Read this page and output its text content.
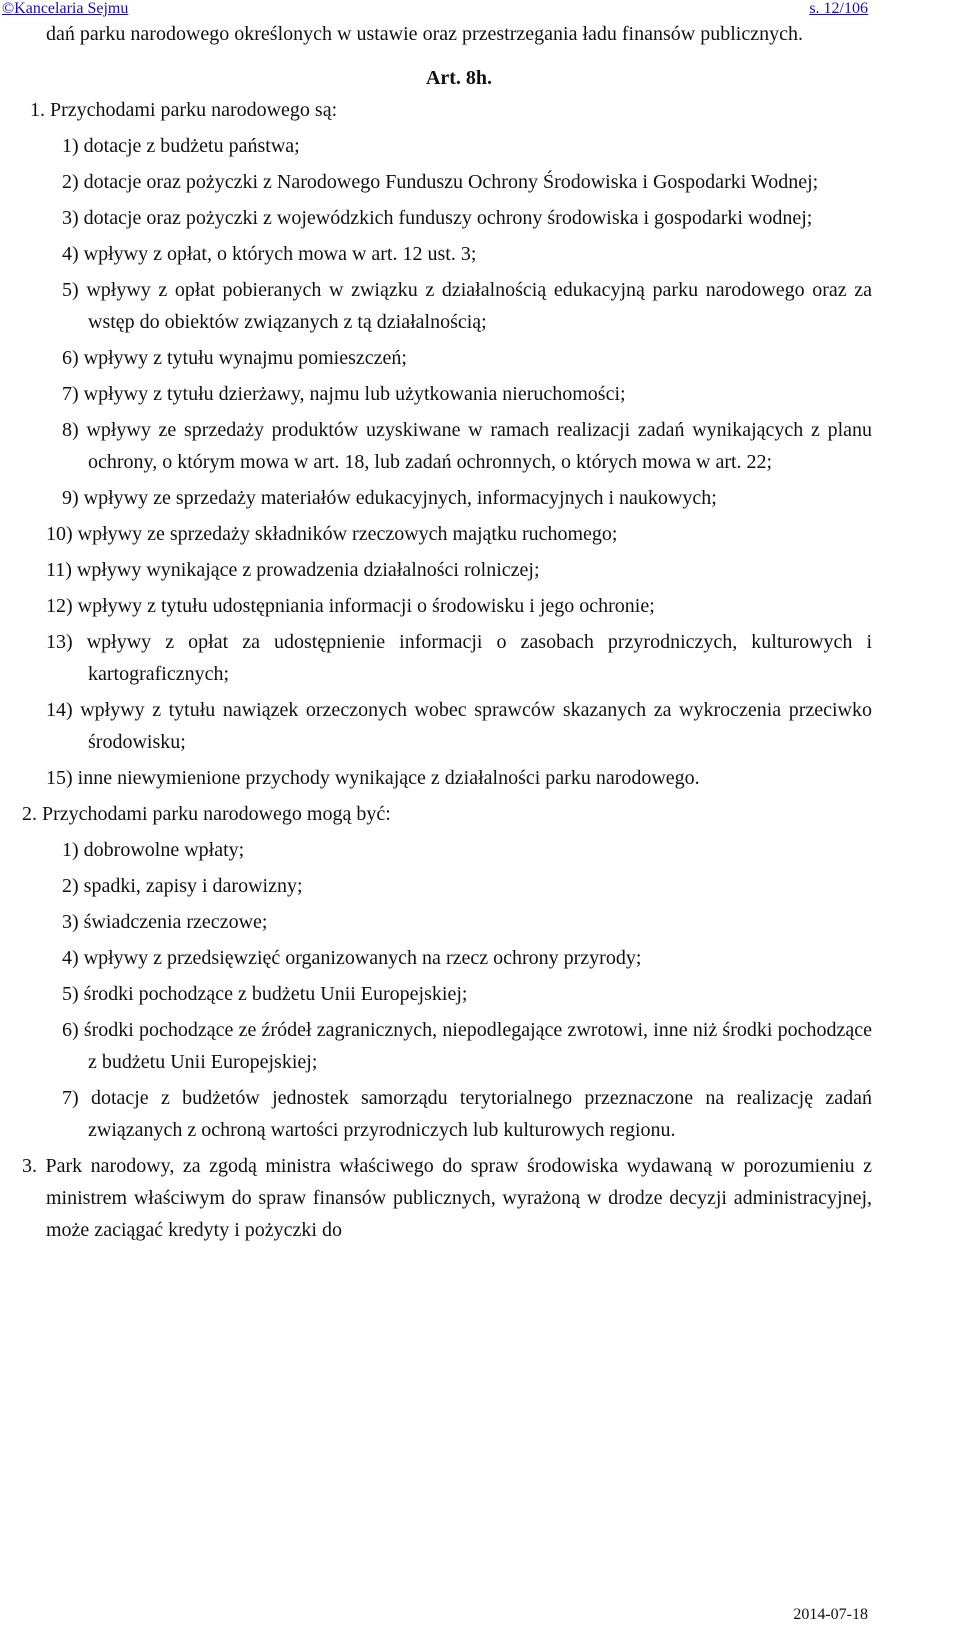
©Kancelaria Sejmu	s. 12/106

dań parku narodowego określonych w ustawie oraz przestrzegania ładu finansów publicznych.

Art. 8h.

1. Przychodami parku narodowego są:

1) dotacje z budżetu państwa;

2) dotacje oraz pożyczki z Narodowego Funduszu Ochrony Środowiska i Gospodarki Wodnej;

3) dotacje oraz pożyczki z wojewódzkich funduszy ochrony środowiska i gospodarki wodnej;

4) wpływy z opłat, o których mowa w art. 12 ust. 3;

5) wpływy z opłat pobieranych w związku z działalnością edukacyjną parku narodowego oraz za wstęp do obiektów związanych z tą działalnością;

6) wpływy z tytułu wynajmu pomieszczeń;

7) wpływy z tytułu dzierżawy, najmu lub użytkowania nieruchomości;

8) wpływy ze sprzedaży produktów uzyskiwane w ramach realizacji zadań wynikających z planu ochrony, o którym mowa w art. 18, lub zadań ochronnych, o których mowa w art. 22;

9) wpływy ze sprzedaży materiałów edukacyjnych, informacyjnych i naukowych;

10) wpływy ze sprzedaży składników rzeczowych majątku ruchomego;

11) wpływy wynikające z prowadzenia działalności rolniczej;

12) wpływy z tytułu udostępniania informacji o środowisku i jego ochronie;

13) wpływy z opłat za udostępnienie informacji o zasobach przyrodniczych, kulturowych i kartograficznych;

14) wpływy z tytułu nawiązek orzeczonych wobec sprawców skazanych za wykroczenia przeciwko środowisku;

15) inne niewymienione przychody wynikające z działalności parku narodowego.

2. Przychodami parku narodowego mogą być:

1) dobrowolne wpłaty;

2) spadki, zapisy i darowizny;

3) świadczenia rzeczowe;

4) wpływy z przedsięwzięć organizowanych na rzecz ochrony przyrody;

5) środki pochodzące z budżetu Unii Europejskiej;

6) środki pochodzące ze źródeł zagranicznych, niepodlegające zwrotowi, inne niż środki pochodzące z budżetu Unii Europejskiej;

7) dotacje z budżetów jednostek samorządu terytorialnego przeznaczone na realizację zadań związanych z ochroną wartości przyrodniczych lub kulturowych regionu.

3. Park narodowy, za zgodą ministra właściwego do spraw środowiska wydawaną w porozumieniu z ministrem właściwym do spraw finansów publicznych, wyrażoną w drodze decyzji administracyjnej, może zaciągać kredyty i pożyczki do

2014-07-18
